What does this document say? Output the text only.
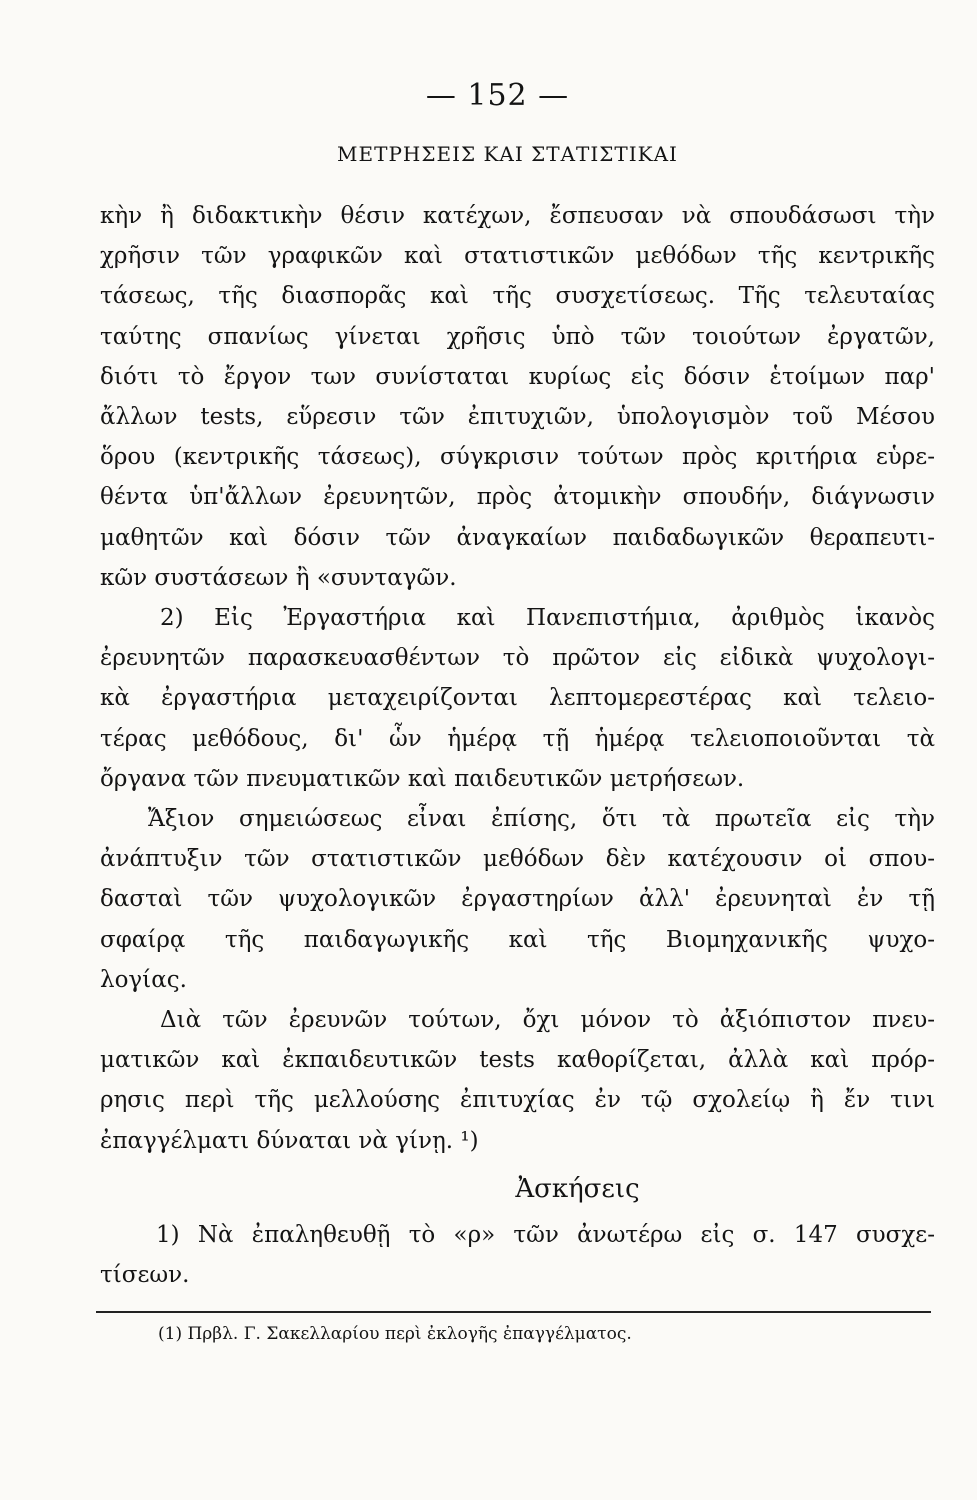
— 152 —
ΜΕΤΡΗΣΕΙΣ ΚΑΙ ΣΤΑΤΙΣΤΙΚΑΙ
κὴν ἢ διδακτικὴν θέσιν κατέχων, ἔσπευσαν νὰ σπουδάσωσι τὴν
χρῆσιν τῶν γραφικῶν καὶ στατιστικῶν μεθόδων τῆς κεντρικῆς
τάσεως, τῆς διασπορᾶς καὶ τῆς συσχετίσεως. Τῆς τελευταίας
ταύτης σπανίως γίνεται χρῆσις ὑπὸ τῶν τοιούτων ἐργατῶν,
διότι τὸ ἔργον των συνίσταται κυρίως εἰς δόσιν ἑτοίμων παρ'
ἄλλων tests, εὕρεσιν τῶν ἐπιτυχιῶν, ὑπολογισμὸν τοῦ Μέσου
ὅρου (κεντρικῆς τάσεως), σύγκρισιν τούτων πρὸς κριτήρια εὑρε-
θέντα ὑπ'ἄλλων ἐρευνητῶν, πρὸς ἀτομικὴν σπουδήν, διάγνωσιν
μαθητῶν καὶ δόσιν τῶν ἀναγκαίων παιδαδωγικῶν θεραπευτι-
κῶν συστάσεων ἢ «συνταγῶν.
2) Εἰς Ἐργαστήρια καὶ Πανεπιστήμια, ἀριθμὸς ἱκανὸς
ἐρευνητῶν παρασκευασθέντων τὸ πρῶτον εἰς εἰδικὰ ψυχολογι-
κὰ ἐργαστήρια μεταχειρίζονται λεπτομερεστέρας καὶ τελειο-
τέρας μεθόδους, δι' ὧν ἡμέρᾳ τῇ ἡμέρᾳ τελειοποιοῦνται τὰ
ὄργανα τῶν πνευματικῶν καὶ παιδευτικῶν μετρήσεων.
Ἄξιον σημειώσεως εἶναι ἐπίσης, ὅτι τὰ πρωτεῖα εἰς τὴν
ἀνάπτυξιν τῶν στατιστικῶν μεθόδων δὲν κατέχουσιν οἱ σπου-
δασταὶ τῶν ψυχολογικῶν ἐργαστηρίων ἀλλ' ἐρευνηταὶ ἐν τῇ
σφαίρᾳ τῆς παιδαγωγικῆς καὶ τῆς Βιομηχανικῆς ψυχο-
λογίας.
Διὰ τῶν ἐρευνῶν τούτων, ὄχι μόνον τὸ ἀξιόπιστον πνευ-
ματικῶν καὶ ἐκπαιδευτικῶν tests καθορίζεται, ἀλλὰ καὶ πρόρ-
ρησις περὶ τῆς μελλούσης ἐπιτυχίας ἐν τῷ σχολείῳ ἢ ἔν τινι
ἐπαγγέλματι δύναται νὰ γίνῃ. ¹)
Ἀσκήσεις
1) Νὰ ἐπαληθευθῇ τὸ «ρ» τῶν ἀνωτέρω εἰς σ. 147 συσχε-
τίσεων.
(1) Πρβλ. Γ. Σακελλαρίου περὶ ἐκλογῆς ἐπαγγέλματος.
